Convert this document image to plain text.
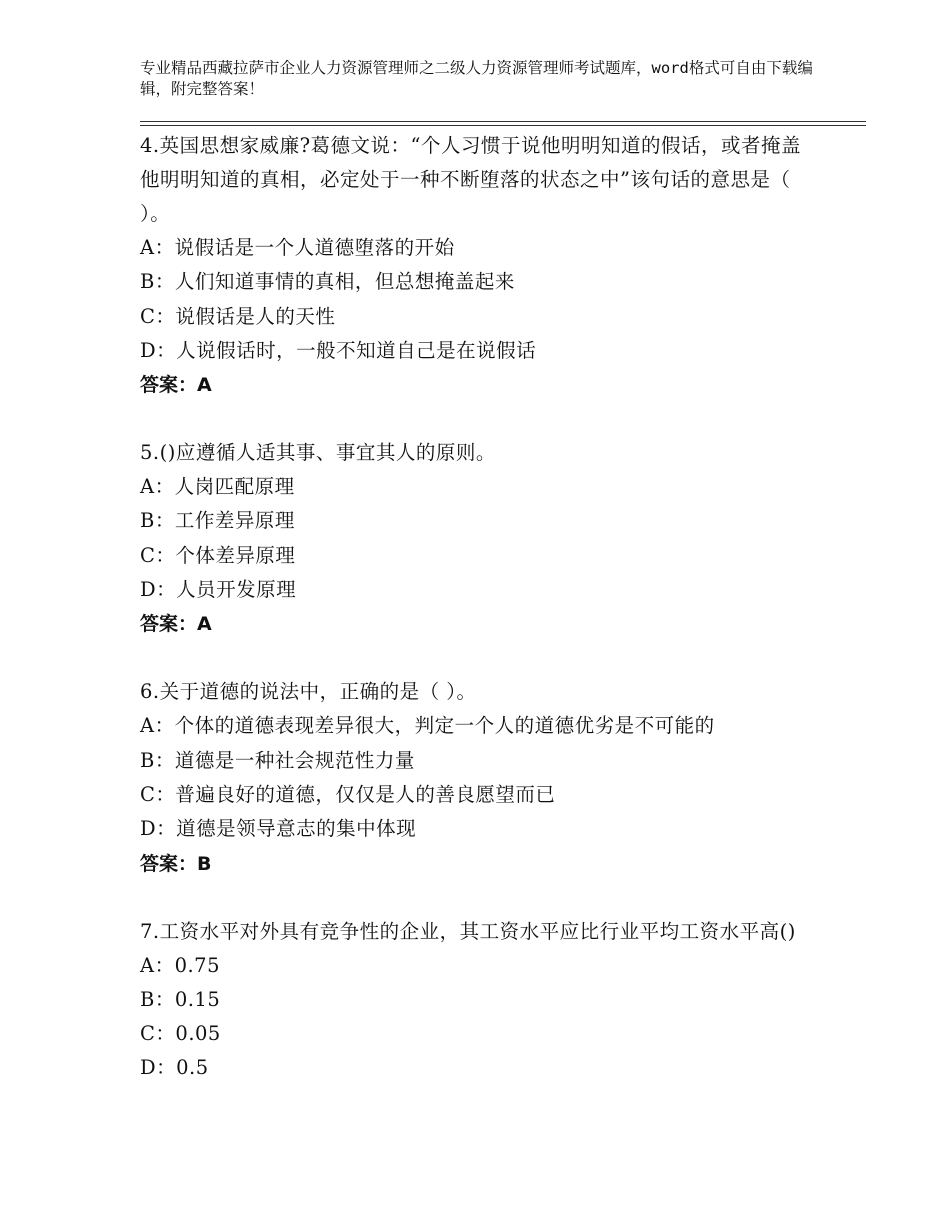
专业精品西藏拉萨市企业人力资源管理师之二级人力资源管理师考试题库，word格式可自由下载编辑，附完整答案！
4.英国思想家威廉?葛德文说：“个人习惯于说他明明知道的假话，或者掩盖他明明知道的真相，必定处于一种不断堕落的状态之中”该句话的意思是（ ）。
A：说假话是一个人道德堕落的开始
B：人们知道事情的真相，但总想掩盖起来
C：说假话是人的天性
D：人说假话时，一般不知道自己是在说假话
答案：A
5.()应遵循人适其事、事宜其人的原则。
A：人岗匹配原理
B：工作差异原理
C：个体差异原理
D：人员开发原理
答案：A
6.关于道德的说法中，正确的是（ ）。
A：个体的道德表现差异很大，判定一个人的道德优劣是不可能的
B：道德是一种社会规范性力量
C：普遍良好的道德，仅仅是人的善良愿望而已
D：道德是领导意志的集中体现
答案：B
7.工资水平对外具有竞争性的企业，其工资水平应比行业平均工资水平高()
A：0.75
B：0.15
C：0.05
D：0.5
